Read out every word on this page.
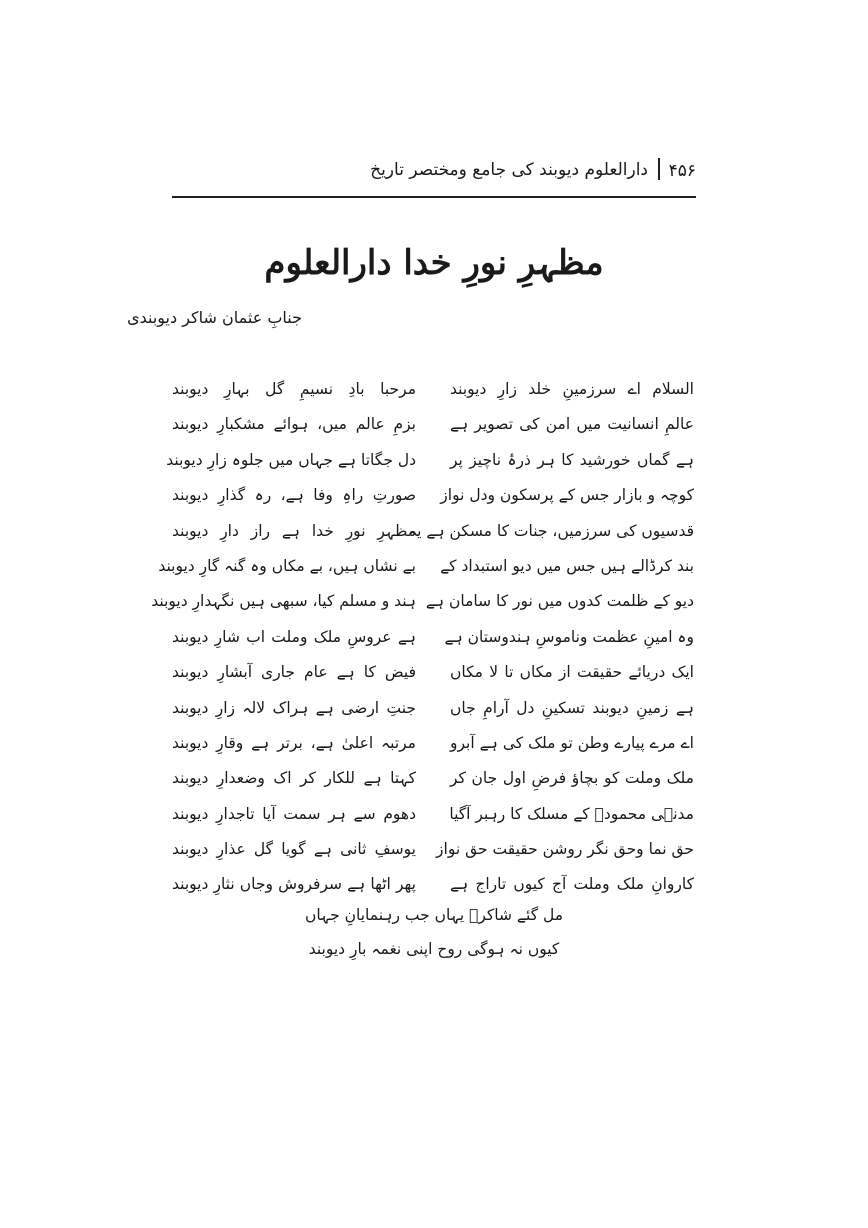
۴۵۶
دارالعلوم دیوبند کی جامع ومختصر تاریخ
مظہرِ نورِ خدا دارالعلوم
جنابِ عثمان شاکر دیوبندی
السلام اے سرزمینِ خلد زارِ دیوبند
عالمِ انسانیت میں امن کی تصویر ہے
ہے گماں خورشید کا ہر ذرۂ ناچیز پر
کوچہ و بازار جس کے پرسکون ودل نواز
قدسیوں کی سرزمیں، جنات کا مسکن ہے یہ
بند کرڈالے ہیں جس میں دیو استبداد کے
دیو کے ظلمت کدوں میں نور کا سامان ہے
وہ امینِ عظمت وناموسِ ہندوستان ہے
ایک دریائے حقیقت از مکاں تا لا مکاں
ہے زمینِ دیوبند تسکینِ دل آرامِ جاں
اے مرے پیارے وطن تو ملک کی ہے آبرو
ملک وملت کو بچاؤ فرضِ اول جان کر
مدنؔی محمودؔ کے مسلک کا رہبر آگیا
حق نما وحق نگر روشن حقیقت حق نواز
کاروانِ ملک وملت آج کیوں تاراج ہے
مرحبا بادِ نسیمِ گل بہارِ دیوبند
بزمِ عالم میں، ہوائے مشکبارِ دیوبند
دل جگاتا ہے جہاں میں جلوہ زارِ دیوبند
صورتِ راہِ وفا ہے، رہ گذارِ دیوبند
مظہرِ نورِ خدا ہے راز دارِ دیوبند
بے نشاں ہیں، بے مکاں وہ گنہ گارِ دیوبند
ہند و مسلم کیا، سبھی ہیں نگہدارِ دیوبند
ہے عروسِ ملک وملت اب شارِ دیوبند
فیض کا ہے عام جاری آبشارِ دیوبند
جنتِ ارضی ہے ہراک لالہ زارِ دیوبند
مرتبہ اعلیٰ ہے، برتر ہے وقارِ دیوبند
کہتا ہے للکار کر اک وضعدارِ دیوبند
دھوم سے ہر سمت آیا تاجدارِ دیوبند
یوسفِ ثانی ہے گویا گل عذارِ دیوبند
پھر اٹھا ہے سرفروش وجاں نثارِ دیوبند
مل گئے شاکرؔ یہاں جب رہنمایانِ جہاں
کیوں نہ ہوگی روح اپنی نغمہ بارِ دیوبند
